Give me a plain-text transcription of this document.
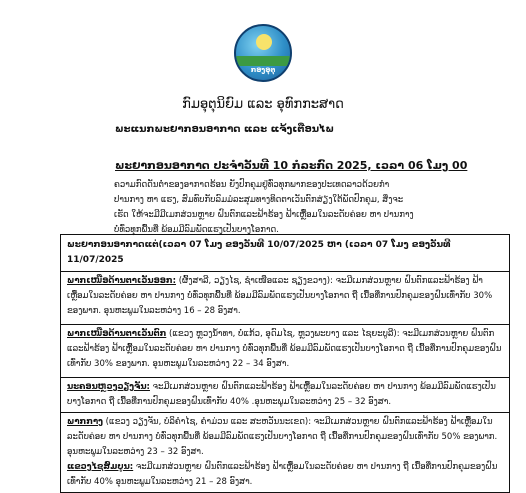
ກອງອຸຕຸ
ກົມອຸຕຸນິຍົມ ແລະ ອຸທົກກະສາດ
ພະແນກພະຍາກອນອາກາດ ແລະ ແຈ້ງເຕືອນໄພ
ພະຍາກອນອາກາດ ປະຈໍາວັນທີ 10 ກໍລະກົດ 2025, ເວລາ 06 ໂມງ 00
ຄວາມກົດດັນຕ່ຳຂອງອາກາດຮ້ອນ ຍັງປົກຄຸມຢູ່ທົ່ວທຸກພາກຂອງປະເທດລາວດ້ວຍກຳປານກາງ ຫາ ແຮງ, ສົມທົບກັບລົມມໍລະສຸມທາງທິດຕາເວັນຕົກສ່ຽງໃຕ້ພັດປົກຄຸມ, ສິ່ງຈະເຮັດ ໃຫ້ຈະມີມີເມກສ່ວນຫຼາຍ ຝົນຕົກແລະຟ້າຮ້ອງ ຟ້າເຫຼື້ອມໃນລະດັບຄ່ອຍ ຫາ ປານກາງ ບໍ່ທົ່ວທຸກພື້ນທີ່ ພ້ອມມີລົມພັດແຮງເປັນບາງໂອກາດ.
ພະຍາກອນອາກາດແຕ່(ເວລາ 07 ໂມງ ຂອງວັນທີ 10/07/2025 ຫາ (ເວລາ 07 ໂມງ ຂອງວັນທີ 11/07/2025
ພາກເໜືອດ້ານຕາເວັນອອກ: (ຜົ້ງສາລີ, ວຽງໄຊ, ຊຳເໜືອແລະ ຊຽງຂວາງ): ຈະມີເມກສ່ວນຫຼາຍ ຝົນຕົກແລະຟ້າຮ້ອງ ຟ້າເຫຼື້ອມໃນລະດັບຄ່ອຍ ຫາ ປານກາງ ບໍ່ທົ່ວທຸກພື້ນທີ່ ພ້ອມມີລົມພັດແຮງເປັນບາງໂອກາດ ຖື ເນື້ອທີ່ການປົກຄຸມຂອງຝົນເທົ່າກັບ 30% ຂອງພາກ. ອຸນຫະພູມໃນລະຫວ່າງ 16 – 28 ອົງສາ.
ພາກເໜືອດ້ານຕາເວັນຕົກ (ແຂວງ ຫຼວງນ້ຳທາ, ບໍ່ແກ້ວ, ອຸດົມໄຊ, ຫຼວງພະບາງ ແລະ ໄຊຍະບູລີ): ຈະມີເມກສ່ວນຫຼາຍ ຝົນຕົກແລະຟ້າຮ້ອງ ຟ້າເຫຼື້ອມໃນລະດັບຄ່ອຍ ຫາ ປານກາງ ບໍ່ທົ່ວທຸກພື້ນທີ່ ພ້ອມມີລົມພັດແຮງເປັນບາງໂອກາດ ຖື ເນື້ອທີ່ການປົກຄຸມຂອງຝົນເທົ່າກັບ 30% ຂອງພາກ. ອຸນຫະພູມໃນລະຫວ່າງ 22 – 34 ອົງສາ.
ນະຄອນຫຼວງວຽງຈັນ: ຈະມີເມກສ່ວນຫຼາຍ ຝົນຕົກແລະຟ້າຮ້ອງ ຟ້າເຫຼື້ອມໃນລະດັບຄ່ອຍ ຫາ ປານກາງ ພ້ອມມີລົມພັດແຮງເປັນບາງໂອກາດ ຖື ເນື້ອທີ່ການປົກຄຸມຂອງຝົນເທົ່າກັບ 40% .ອຸນຫະພູມໃນລະຫວ່າງ 25 – 32 ອົງສາ.
ພາກກາງ (ແຂວງ ວຽງຈັນ, ບໍລິຄຳໄຊ, ຄຳມ່ວນ ແລະ ສະຫວັນນະເຂດ): ຈະມີເມກສ່ວນຫຼາຍ ຝົນຕົກແລະຟ້າຮ້ອງ ຟ້າເຫຼື້ອມໃນລະດັບຄ່ອຍ ຫາ ປານກາງ ບໍ່ທົ່ວທຸກພື້ນທີ່ ພ້ອມມີລົມພັດແຮງເປັນບາງໂອກາດ ຖື ເນື້ອທີ່ການປົກຄຸມຂອງຝົນເທົ່າກັບ 50% ຂອງພາກ. ອຸນຫະພູມໃນລະຫວ່າງ 23 – 32 ອົງສາ.
ແຂວງໄຊສົມບູນ: ຈະມີເມກສ່ວນຫຼາຍ ຝົນຕົກແລະຟ້າຮ້ອງ ຟ້າເຫຼື້ອມໃນລະດັບຄ່ອຍ ຫາ ປານກາງ ຖື ເນື້ອທີ່ການປົກຄຸມຂອງຝົນເທົ່າກັບ 40% ອຸນຫະພູມໃນລະຫວ່າງ 21 – 28 ອົງສາ.
